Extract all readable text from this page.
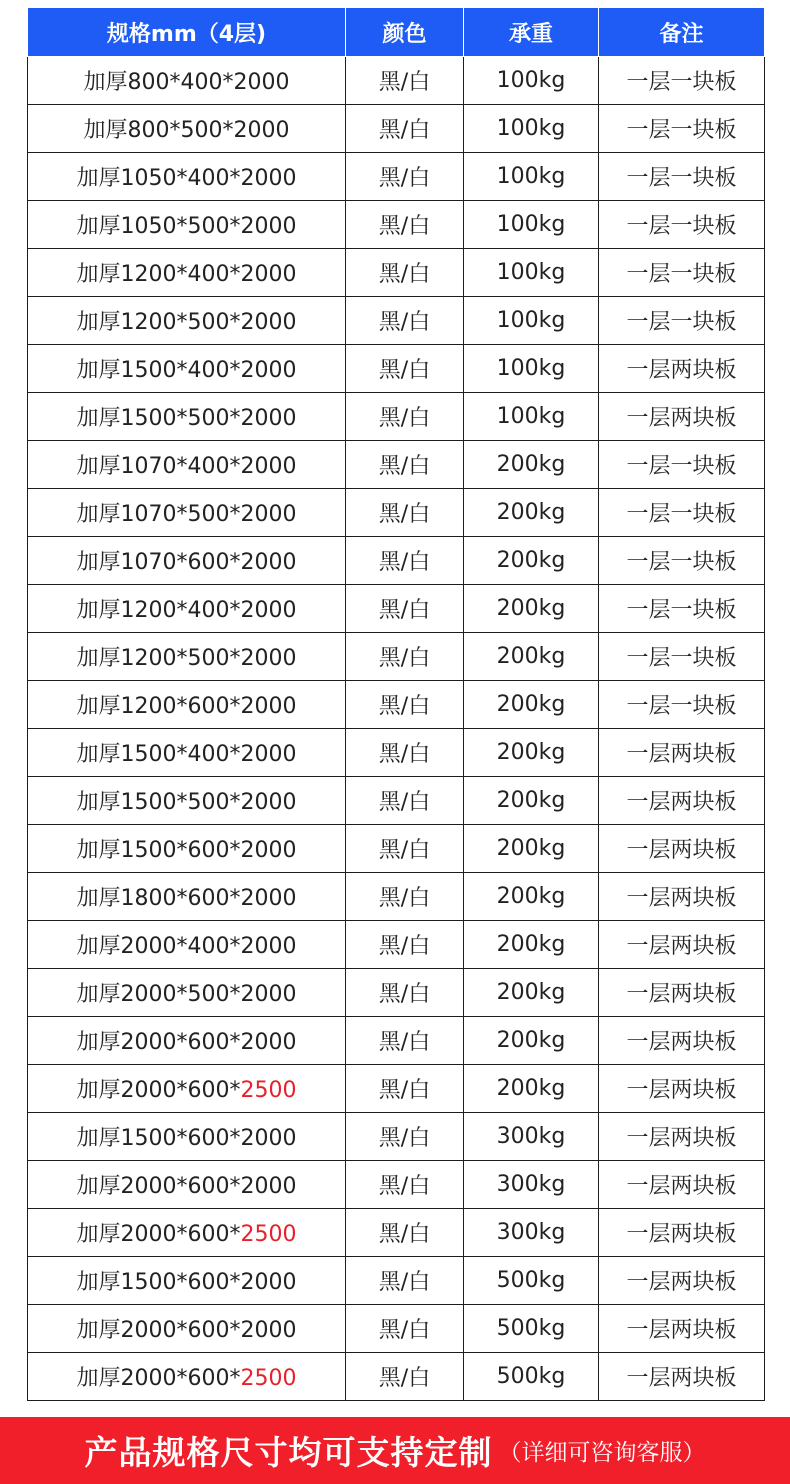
规格mm（4层)	颜色	承重	备注
加厚800*400*2000	黑/白	100kg	一层一块板
加厚800*500*2000	黑/白	100kg	一层一块板
加厚1050*400*2000	黑/白	100kg	一层一块板
加厚1050*500*2000	黑/白	100kg	一层一块板
加厚1200*400*2000	黑/白	100kg	一层一块板
加厚1200*500*2000	黑/白	100kg	一层一块板
加厚1500*400*2000	黑/白	100kg	一层两块板
加厚1500*500*2000	黑/白	100kg	一层两块板
加厚1070*400*2000	黑/白	200kg	一层一块板
加厚1070*500*2000	黑/白	200kg	一层一块板
加厚1070*600*2000	黑/白	200kg	一层一块板
加厚1200*400*2000	黑/白	200kg	一层一块板
加厚1200*500*2000	黑/白	200kg	一层一块板
加厚1200*600*2000	黑/白	200kg	一层一块板
加厚1500*400*2000	黑/白	200kg	一层两块板
加厚1500*500*2000	黑/白	200kg	一层两块板
加厚1500*600*2000	黑/白	200kg	一层两块板
加厚1800*600*2000	黑/白	200kg	一层两块板
加厚2000*400*2000	黑/白	200kg	一层两块板
加厚2000*500*2000	黑/白	200kg	一层两块板
加厚2000*600*2000	黑/白	200kg	一层两块板
加厚2000*600*2500	黑/白	200kg	一层两块板
加厚1500*600*2000	黑/白	300kg	一层两块板
加厚2000*600*2000	黑/白	300kg	一层两块板
加厚2000*600*2500	黑/白	300kg	一层两块板
加厚1500*600*2000	黑/白	500kg	一层两块板
加厚2000*600*2000	黑/白	500kg	一层两块板
加厚2000*600*2500	黑/白	500kg	一层两块板
产品规格尺寸均可支持定制 （详细可咨询客服）
